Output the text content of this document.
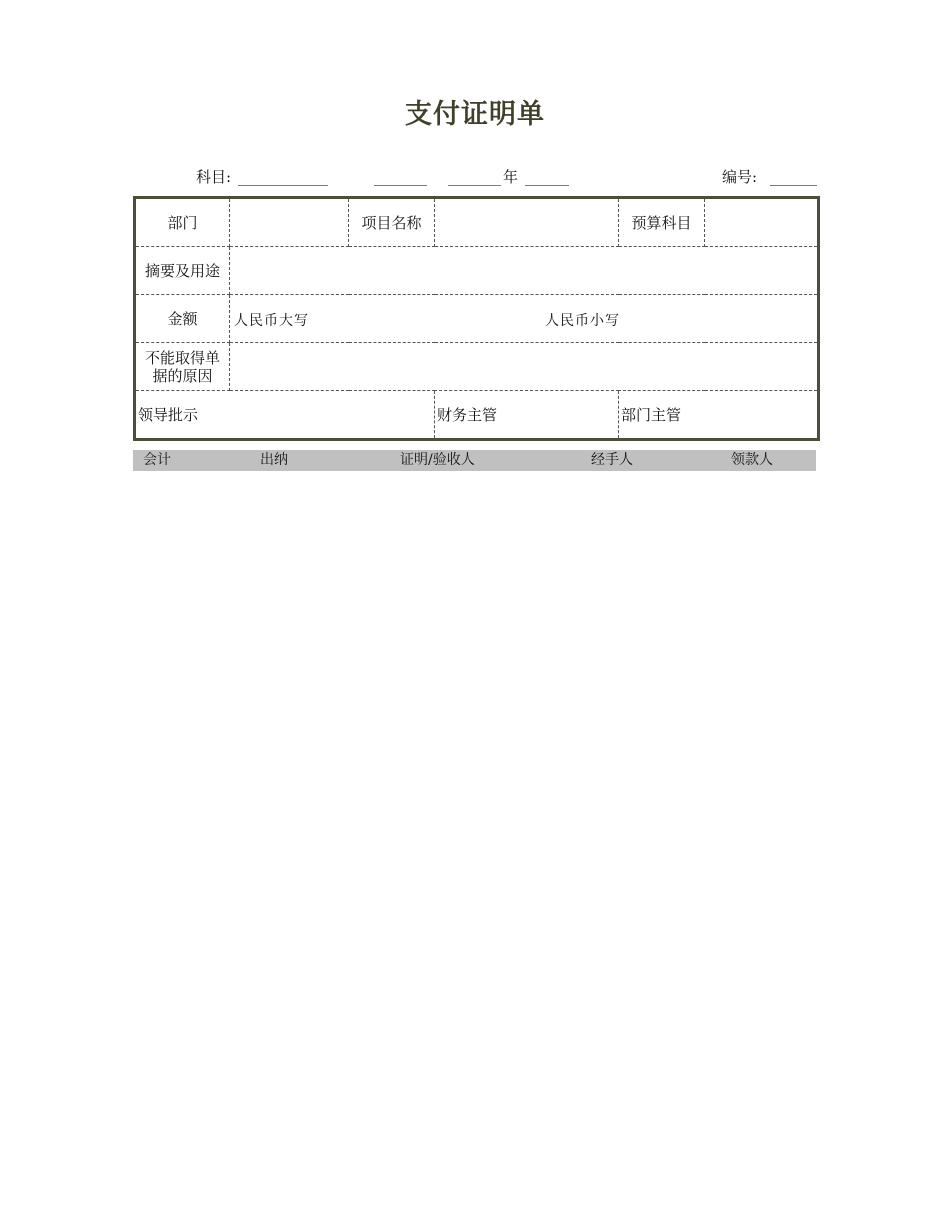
支付证明单
科目:	年	编号:
部门		项目名称		预算科目	
摘要及用途					
金额	人民币大写 人民币小写				

不能取得单
据的原因					

领导批示			财务主管	部门主管	
会计	出纳	证明/验收人	经手人	领款人
